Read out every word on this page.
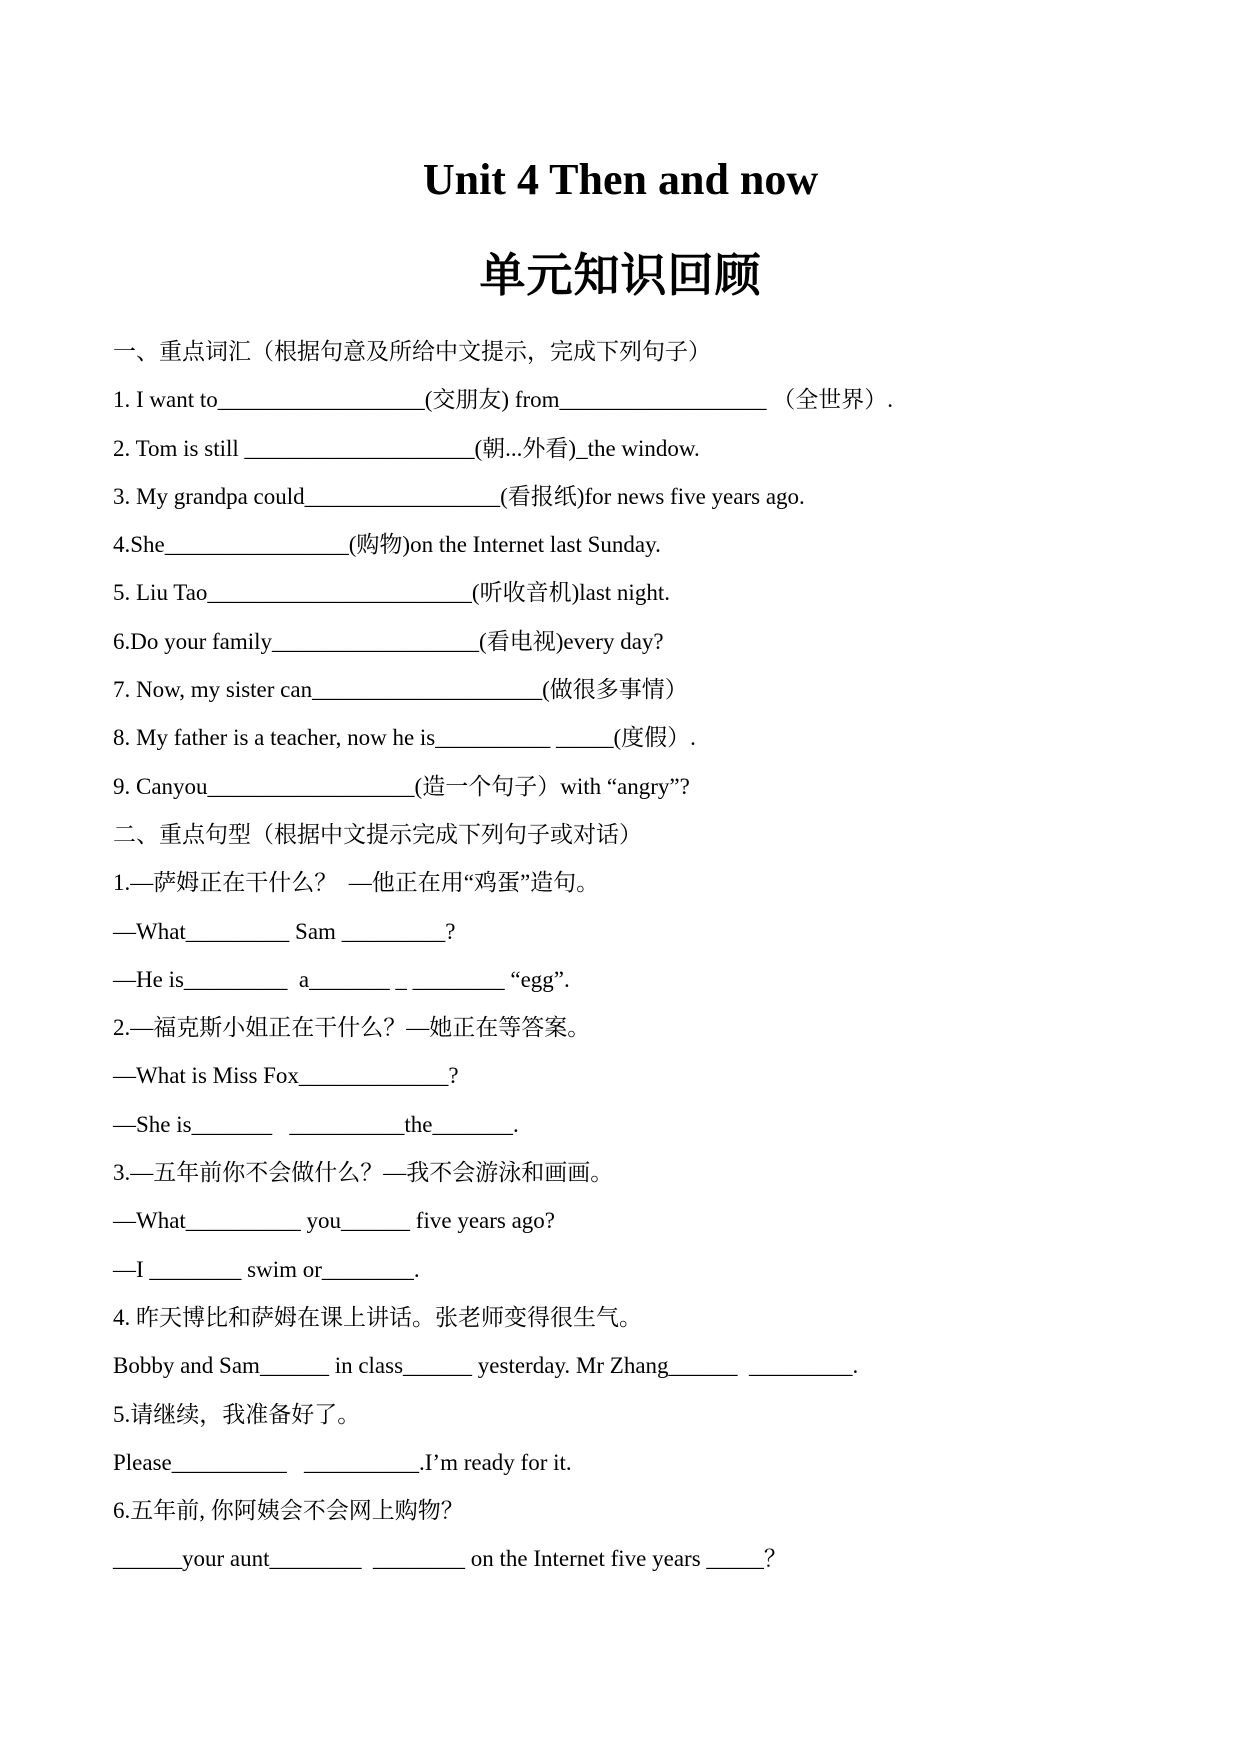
Unit 4 Then and now
单元知识回顾
一、重点词汇（根据句意及所给中文提示，完成下列句子）
1. I want to__________________(交朋友) from__________________ （全世界）.
2. Tom is still ____________________(朝...外看)_the window.
3. My grandpa could_________________(看报纸)for news five years ago.
4.She________________(购物)on the Internet last Sunday.
5. Liu Tao_______________________(听收音机)last night.
6.Do your family__________________(看电视)every day?
7. Now, my sister can____________________(做很多事情）
8. My father is a teacher, now he is__________ _____(度假）.
9. Canyou__________________(造一个句子）with “angry”?
二、重点句型（根据中文提示完成下列句子或对话）
1.—萨姆正在干什么？  —他正在用“鸡蛋”造句。
—What_________ Sam _________?
—He is_________  a_______ _ ________ “egg”.
2.—福克斯小姐正在干什么？—她正在等答案。
—What is Miss Fox_____________?
—She is_______   __________the_______.
3.—五年前你不会做什么？—我不会游泳和画画。
—What__________ you______ five years ago?
—I ________ swim or________.
4. 昨天博比和萨姆在课上讲话。张老师变得很生气。
Bobby and Sam______ in class______ yesterday. Mr Zhang______  _________.
5.请继续，我准备好了。
Please__________   __________.I’m ready for it.
6.五年前, 你阿姨会不会网上购物？
______your aunt________  ________ on the Internet five years _____？
